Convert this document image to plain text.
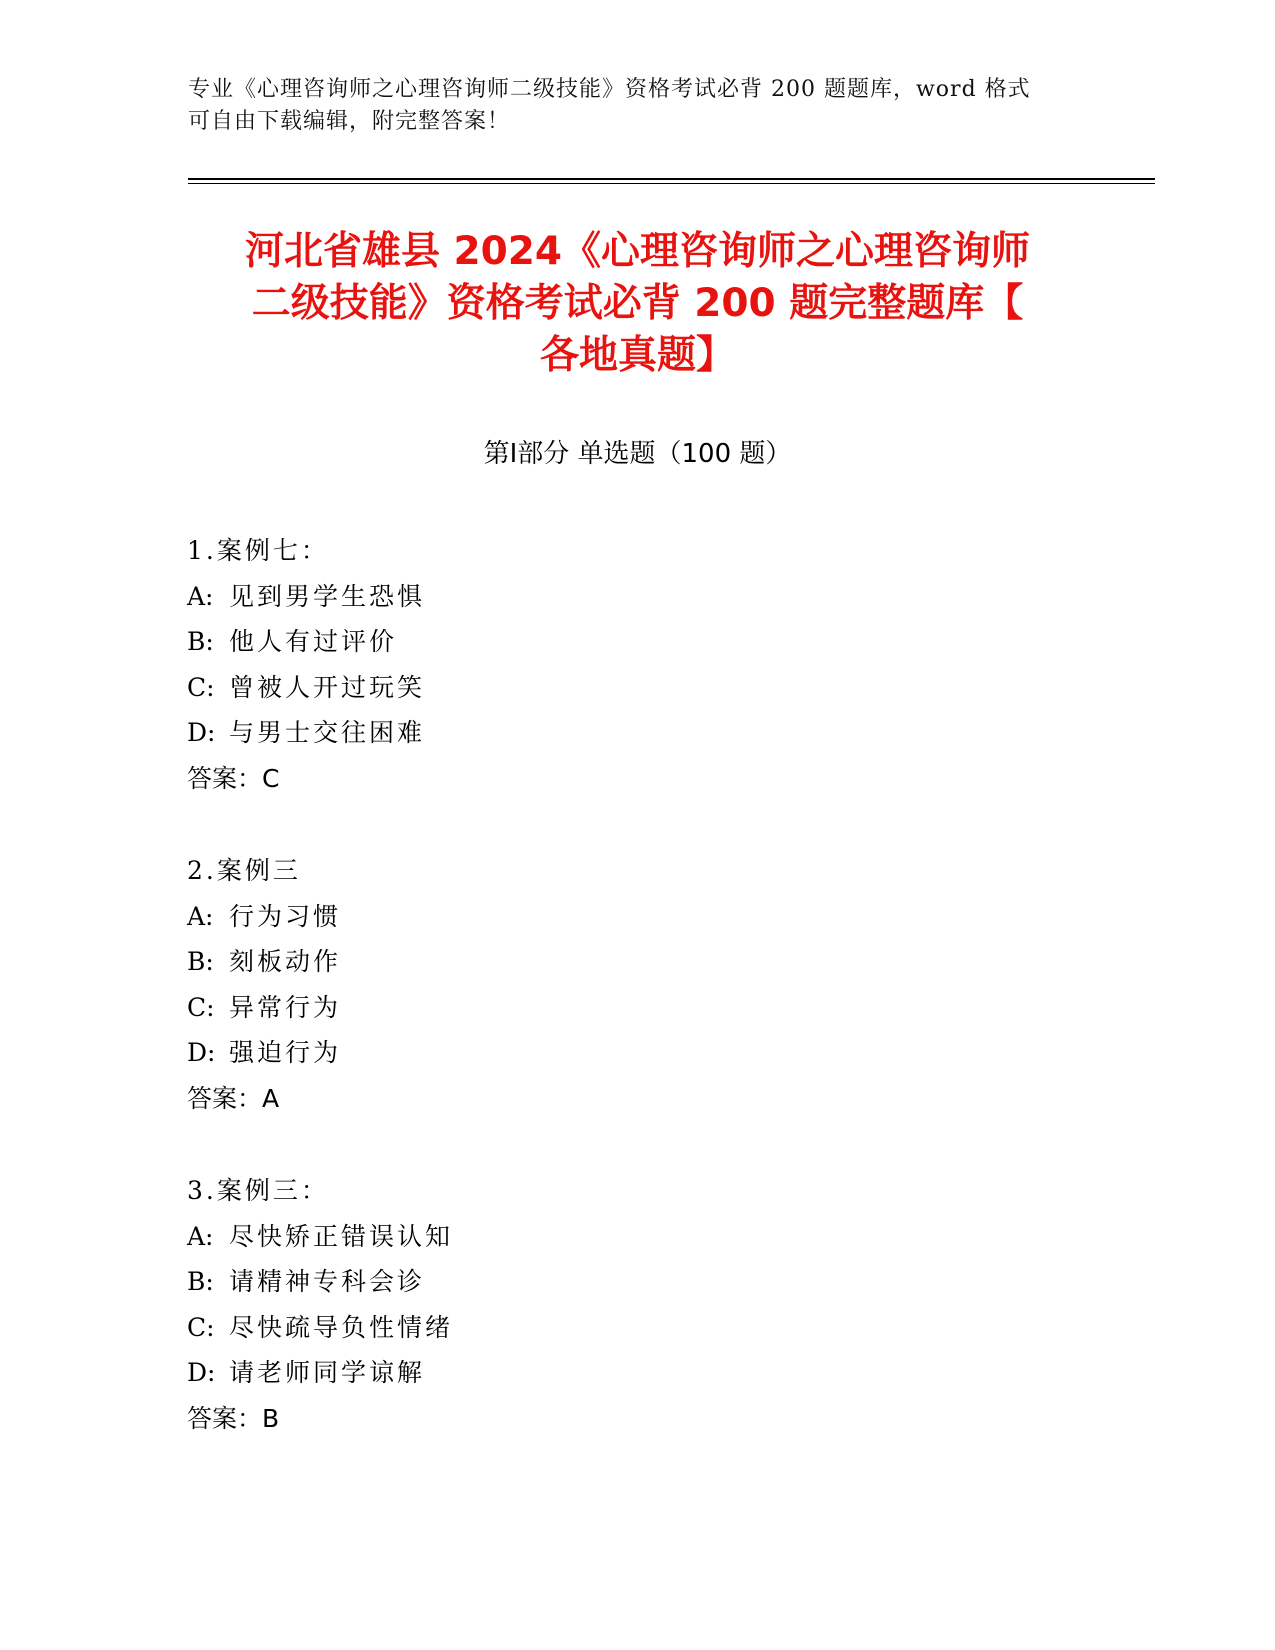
专业《心理咨询师之心理咨询师二级技能》资格考试必背 200 题题库，word 格式
可自由下载编辑，附完整答案！
河北省雄县 2024《心理咨询师之心理咨询师
二级技能》资格考试必背 200 题完整题库【
各地真题】
第Ⅰ部分 单选题（100 题）
1.案例七：
A: 见到男学生恐惧
B: 他人有过评价
C: 曾被人开过玩笑
D: 与男士交往困难
答案：C
2.案例三
A: 行为习惯
B: 刻板动作
C: 异常行为
D: 强迫行为
答案：A
3.案例三：
A: 尽快矫正错误认知
B: 请精神专科会诊
C: 尽快疏导负性情绪
D: 请老师同学谅解
答案：B
